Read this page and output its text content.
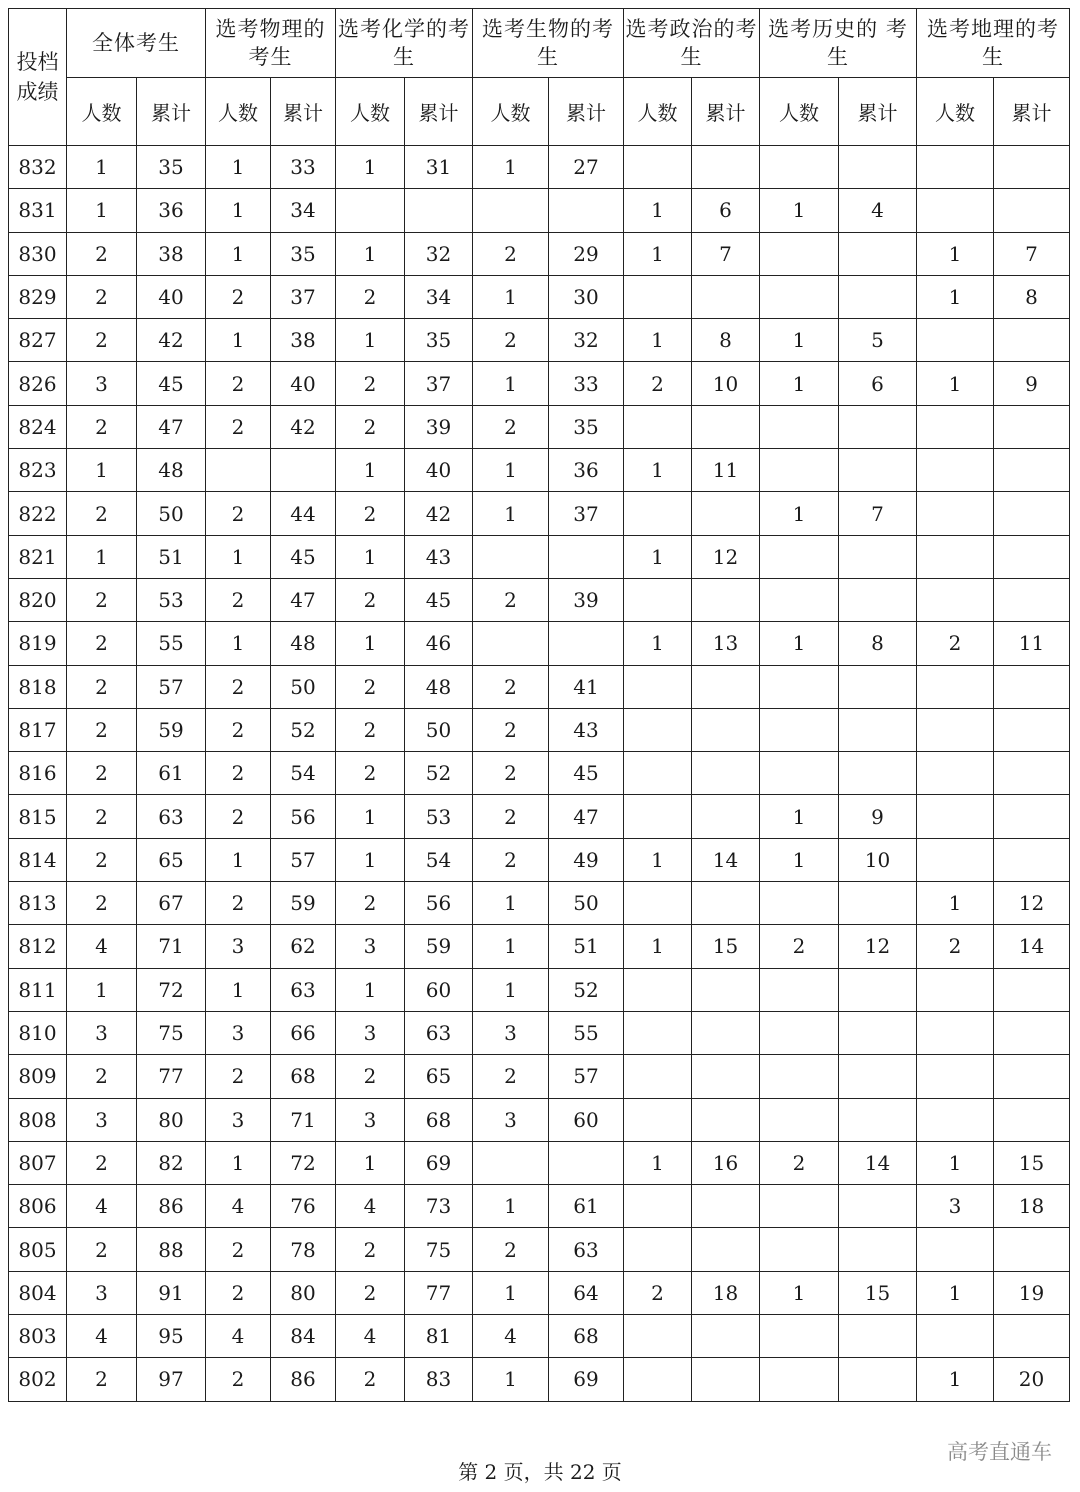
投档成绩	全体考生		选考物理的考生		选考化学的考生		选考生物的考生		选考政治的考生		选考历史的 考生		选考地理的考生	
	人数	累计	人数	累计	人数	累计	人数	累计	人数	累计	人数	累计	人数	累计
832	1	35	1	33	1	31	1	27						
831	1	36	1	34					1	6	1	4		
830	2	38	1	35	1	32	2	29	1	7			1	7
829	2	40	2	37	2	34	1	30					1	8
827	2	42	1	38	1	35	2	32	1	8	1	5		
826	3	45	2	40	2	37	1	33	2	10	1	6	1	9
824	2	47	2	42	2	39	2	35						
823	1	48			1	40	1	36	1	11				
822	2	50	2	44	2	42	1	37			1	7		
821	1	51	1	45	1	43			1	12				
820	2	53	2	47	2	45	2	39						
819	2	55	1	48	1	46			1	13	1	8	2	11
818	2	57	2	50	2	48	2	41						
817	2	59	2	52	2	50	2	43						
816	2	61	2	54	2	52	2	45						
815	2	63	2	56	1	53	2	47			1	9		
814	2	65	1	57	1	54	2	49	1	14	1	10		
813	2	67	2	59	2	56	1	50					1	12
812	4	71	3	62	3	59	1	51	1	15	2	12	2	14
811	1	72	1	63	1	60	1	52						
810	3	75	3	66	3	63	3	55						
809	2	77	2	68	2	65	2	57						
808	3	80	3	71	3	68	3	60						
807	2	82	1	72	1	69			1	16	2	14	1	15
806	4	86	4	76	4	73	1	61					3	18
805	2	88	2	78	2	75	2	63						
804	3	91	2	80	2	77	1	64	2	18	1	15	1	19
803	4	95	4	84	4	81	4	68						
802	2	97	2	86	2	83	1	69					1	20
第 2 页，共 22 页
高考直通车
